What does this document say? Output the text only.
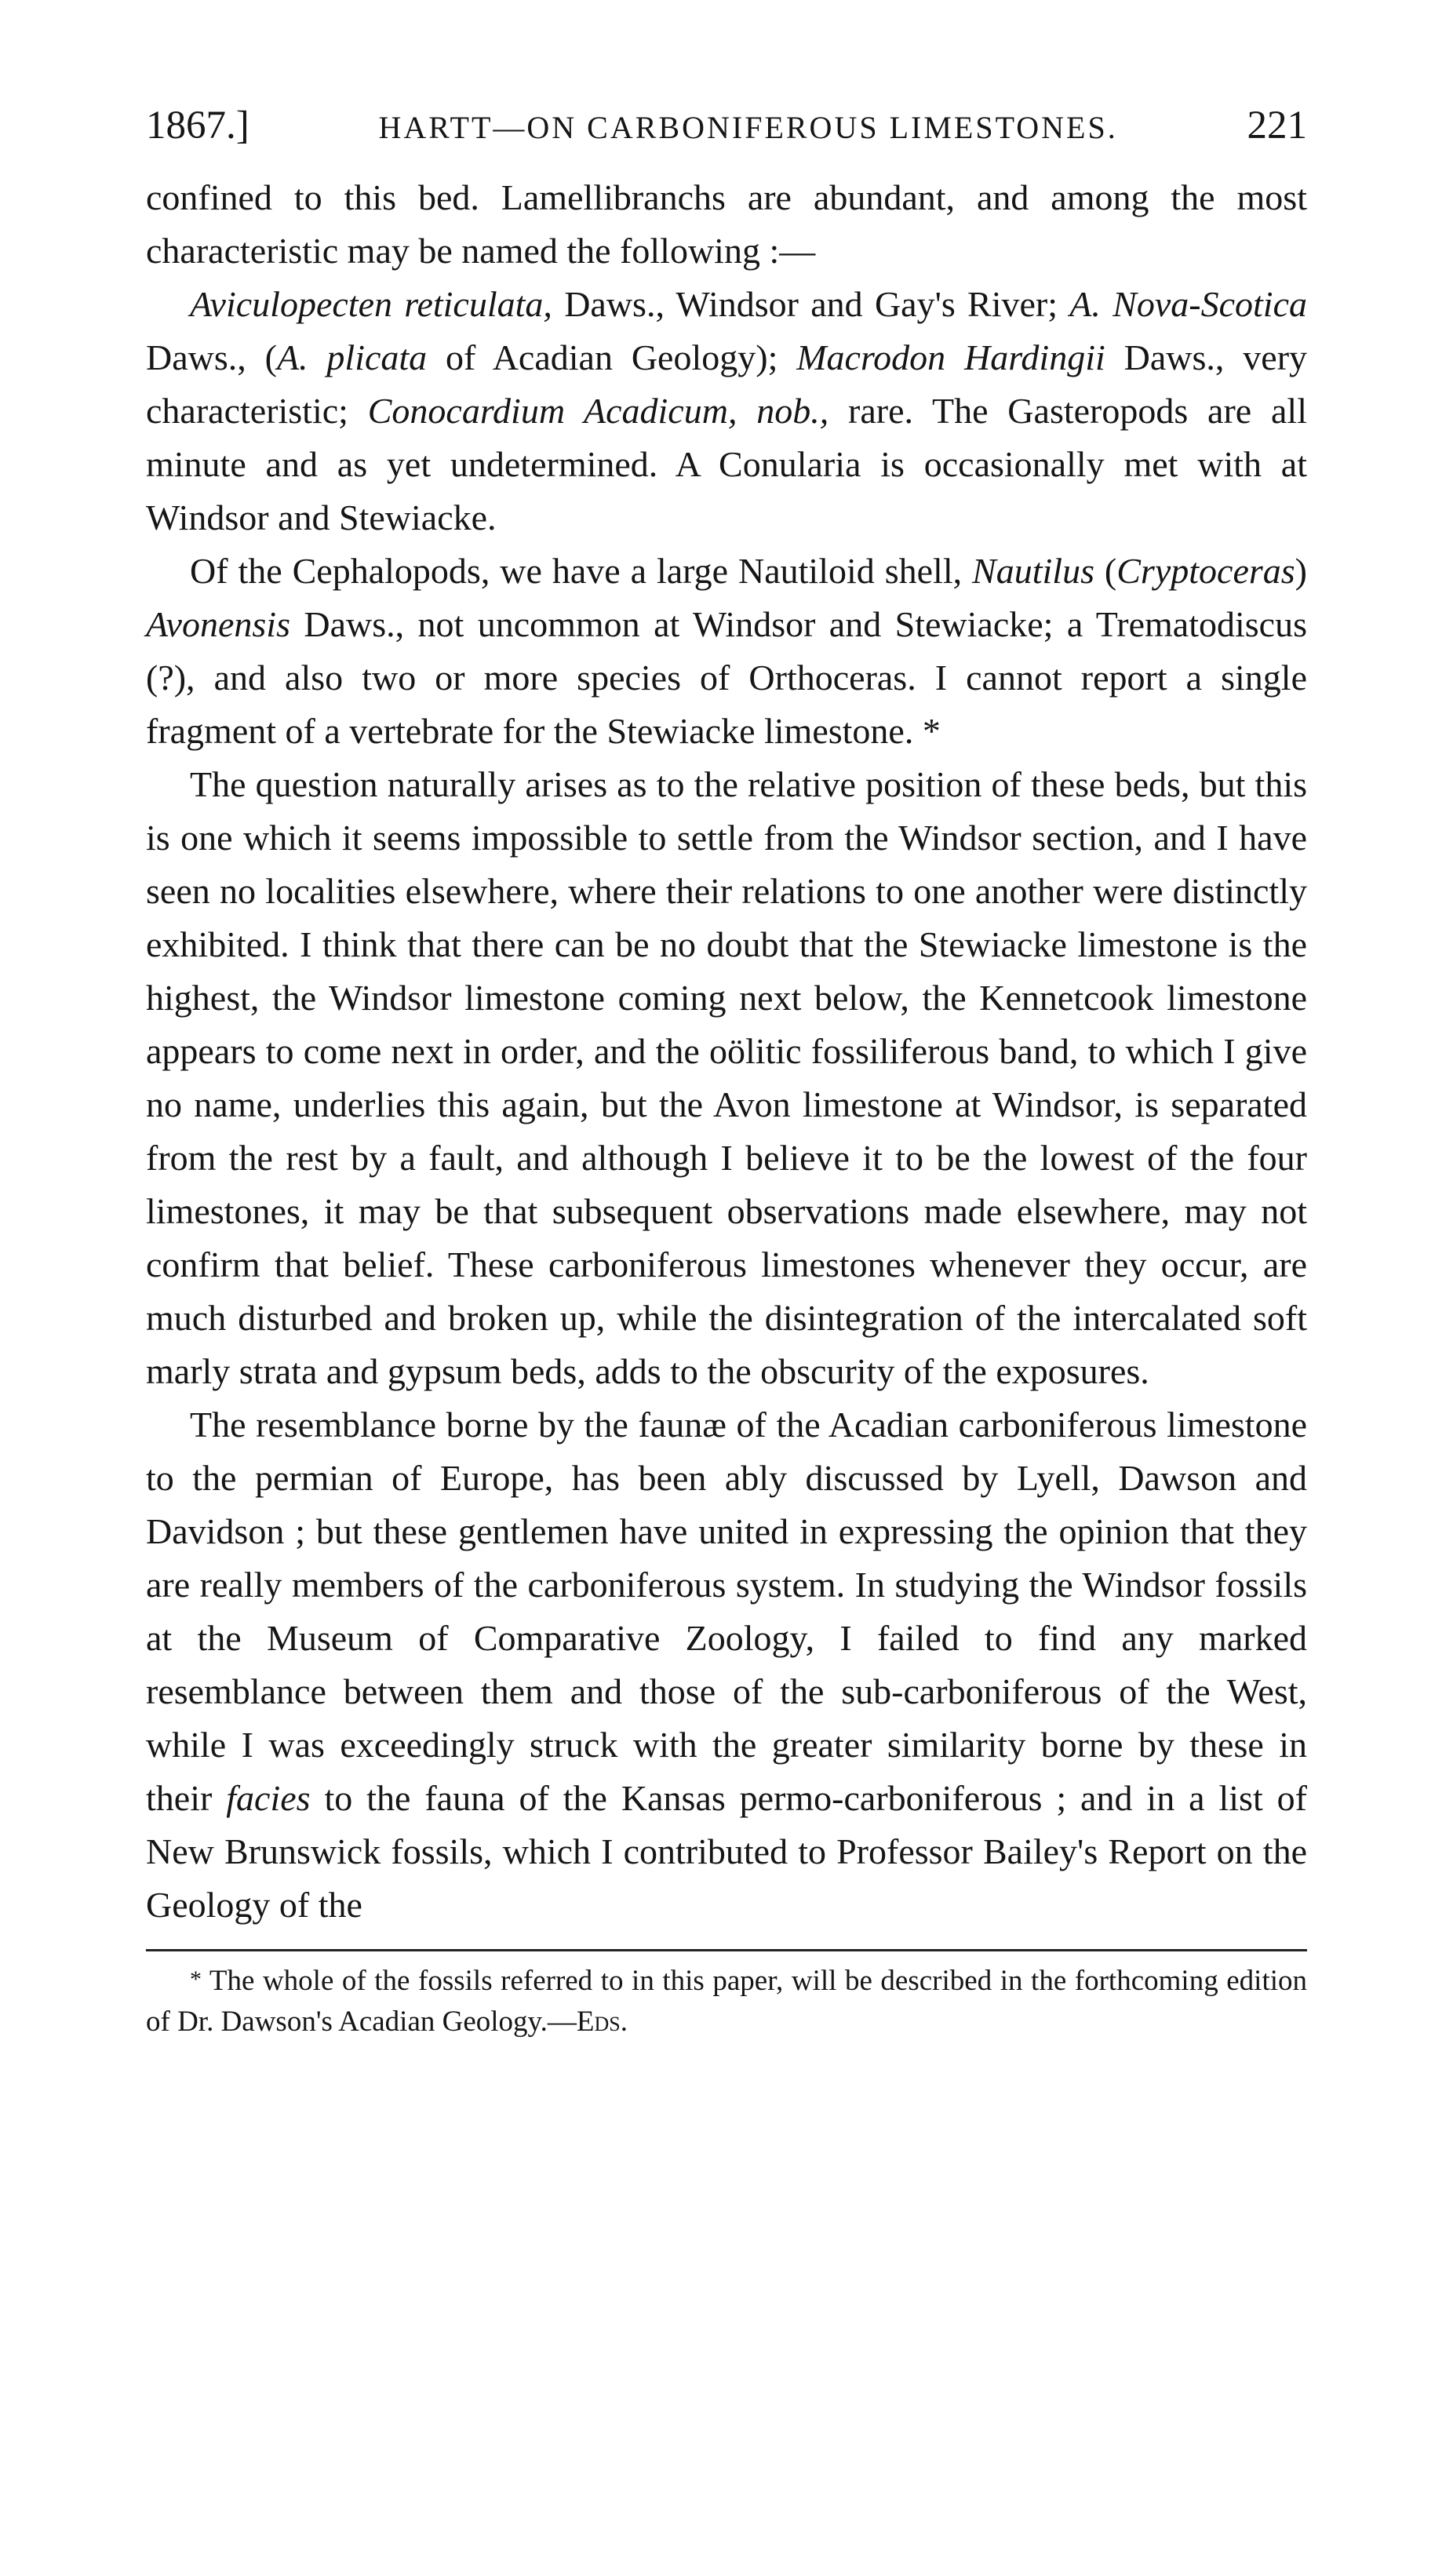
1867.]	HARTT—ON CARBONIFEROUS LIMESTONES.	221

confined to this bed. Lamellibranchs are abundant, and among the most characteristic may be named the following :—

Aviculopecten reticulata, Daws., Windsor and Gay's River; A. Nova-Scotica Daws., (A. plicata of Acadian Geology); Macrodon Hardingii Daws., very characteristic; Conocardium Acadicum, nob., rare. The Gasteropods are all minute and as yet undetermined. A Conularia is occasionally met with at Windsor and Stewiacke.

Of the Cephalopods, we have a large Nautiloid shell, Nautilus (Cryptoceras) Avonensis Daws., not uncommon at Windsor and Stewiacke; a Trematodiscus (?), and also two or more species of Orthoceras. I cannot report a single fragment of a vertebrate for the Stewiacke limestone. *

The question naturally arises as to the relative position of these beds, but this is one which it seems impossible to settle from the Windsor section, and I have seen no localities elsewhere, where their relations to one another were distinctly exhibited. I think that there can be no doubt that the Stewiacke limestone is the highest, the Windsor limestone coming next below, the Kennetcook limestone appears to come next in order, and the oölitic fossiliferous band, to which I give no name, underlies this again, but the Avon limestone at Windsor, is separated from the rest by a fault, and although I believe it to be the lowest of the four limestones, it may be that subsequent observations made elsewhere, may not confirm that belief. These carboniferous limestones whenever they occur, are much disturbed and broken up, while the disintegration of the intercalated soft marly strata and gypsum beds, adds to the obscurity of the exposures.

The resemblance borne by the faunæ of the Acadian carboniferous limestone to the permian of Europe, has been ably discussed by Lyell, Dawson and Davidson ; but these gentlemen have united in expressing the opinion that they are really members of the carboniferous system. In studying the Windsor fossils at the Museum of Comparative Zoology, I failed to find any marked resemblance between them and those of the sub-carboniferous of the West, while I was exceedingly struck with the greater similarity borne by these in their facies to the fauna of the Kansas permo-carboniferous ; and in a list of New Brunswick fossils, which I contributed to Professor Bailey's Report on the Geology of the

* The whole of the fossils referred to in this paper, will be described in the forthcoming edition of Dr. Dawson's Acadian Geology.—Eds.
